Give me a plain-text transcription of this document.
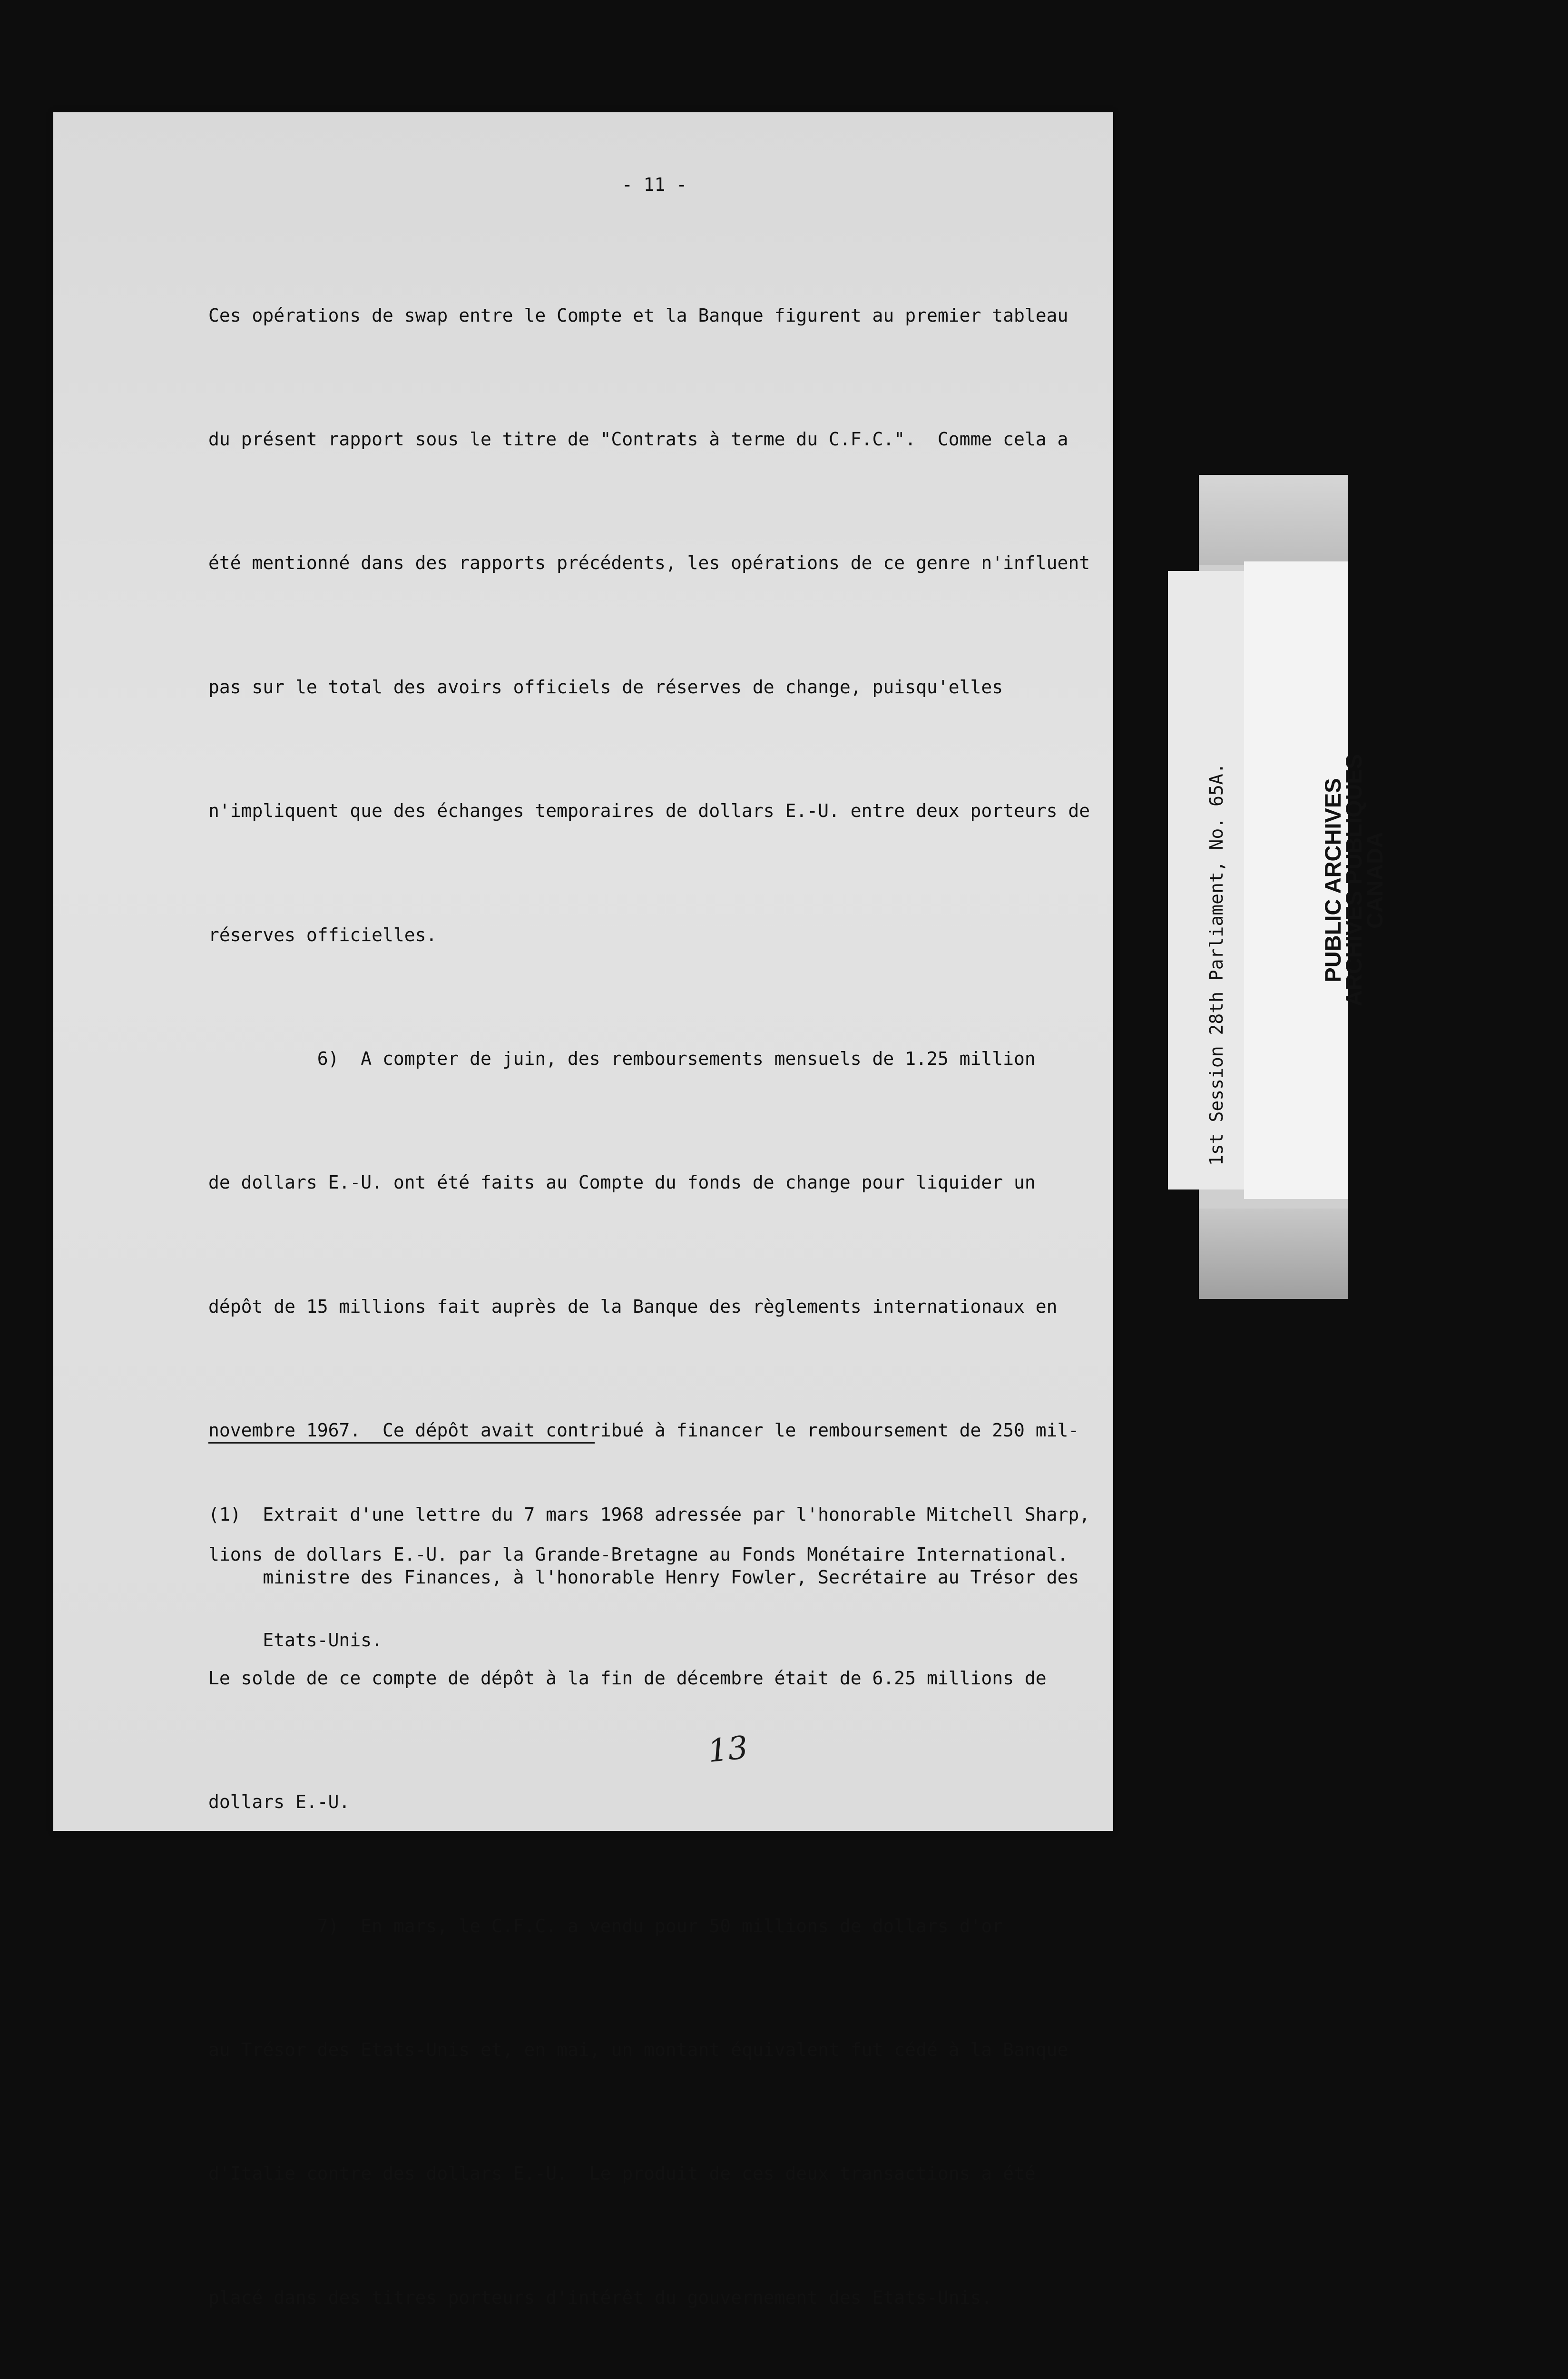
- 11 -

Ces opérations de swap entre le Compte et la Banque figurent au premier tableau

du présent rapport sous le titre de "Contrats à terme du C.F.C.".  Comme cela a

été mentionné dans des rapports précédents, les opérations de ce genre n'influent

pas sur le total des avoirs officiels de réserves de change, puisqu'elles

n'impliquent que des échanges temporaires de dollars E.-U. entre deux porteurs de

réserves officielles.

6)  A compter de juin, des remboursements mensuels de 1.25 million

de dollars E.-U. ont été faits au Compte du fonds de change pour liquider un

dépôt de 15 millions fait auprès de la Banque des règlements internationaux en

novembre 1967.  Ce dépôt avait contribué à financer le remboursement de 250 mil-

lions de dollars E.-U. par la Grande-Bretagne au Fonds Monétaire International.

Le solde de ce compte de dépôt à la fin de décembre était de 6.25 millions de

dollars E.-U.

7)  En mars, le C.F.C. a vendu pour 50 millions de dollars d'or

au Trésor des Etats-Unis et, en mai, un montant équivalent fut cédé à la Banque

d'Italie contre des dollars E.-U.  Le produit de ces deux transactions a été

placé dans des titres porteurs d'intérêt du gouvernement des Etats-Unis.

(1)  Extrait d'une lettre du 7 mars 1968 adressée par l'honorable Mitchell Sharp,

ministre des Finances, à l'honorable Henry Fowler, Secrétaire au Trésor des

Etats-Unis.

13
1st Session 28th Parliament, No. 65A.	PUBLIC ARCHIVES
ARCHIVES PUBLIQUES
CANADA
